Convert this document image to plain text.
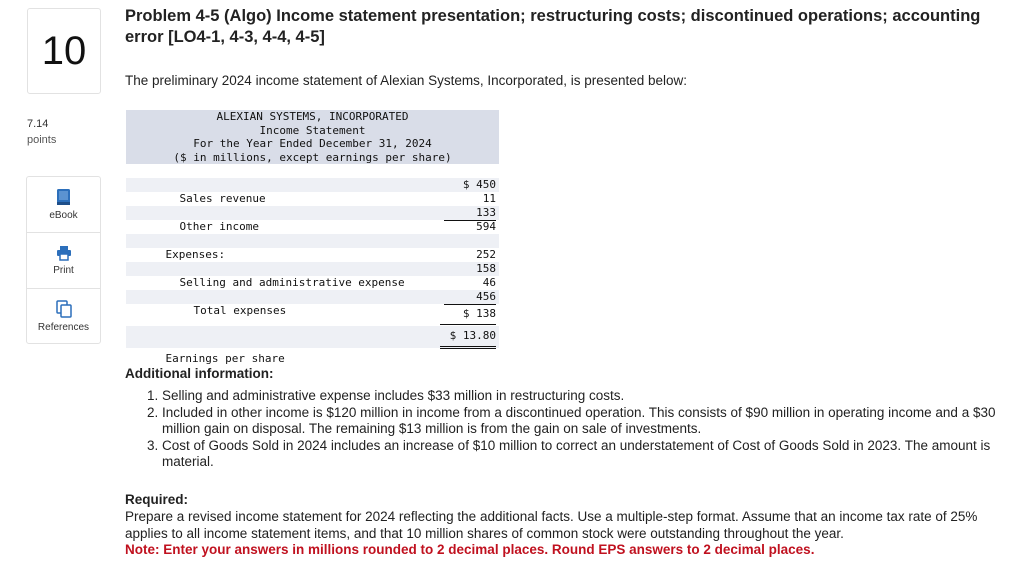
10
7.14
points
eBook
Print
References
Problem 4-5 (Algo) Income statement presentation; restructuring costs; discontinued operations; accounting error [LO4-1, 4-3, 4-4, 4-5]
The preliminary 2024 income statement of Alexian Systems, Incorporated, is presented below:
ALEXIAN SYSTEMS, INCORPORATED
Income Statement
For the Year Ended December 31, 2024
($ in millions, except earnings per share)

Sales revenue

$ 450

11

Other income

133

594

Expenses:

	252

Selling and administrative expense

158

46

Total expenses

456

$ 138

Earnings per share

$ 13.80

Additional information:
1. Selling and administrative expense includes $33 million in restructuring costs.
2. Included in other income is $120 million in income from a discontinued operation. This consists of $90 million in operating income and a $30 million gain on disposal. The remaining $13 million is from the gain on sale of investments.
3. Cost of Goods Sold in 2024 includes an increase of $10 million to correct an understatement of Cost of Goods Sold in 2023. The amount is material.
Required:
Prepare a revised income statement for 2024 reflecting the additional facts. Use a multiple-step format. Assume that an income tax rate of 25% applies to all income statement items, and that 10 million shares of common stock were outstanding throughout the year.
Note: Enter your answers in millions rounded to 2 decimal places. Round EPS answers to 2 decimal places.
